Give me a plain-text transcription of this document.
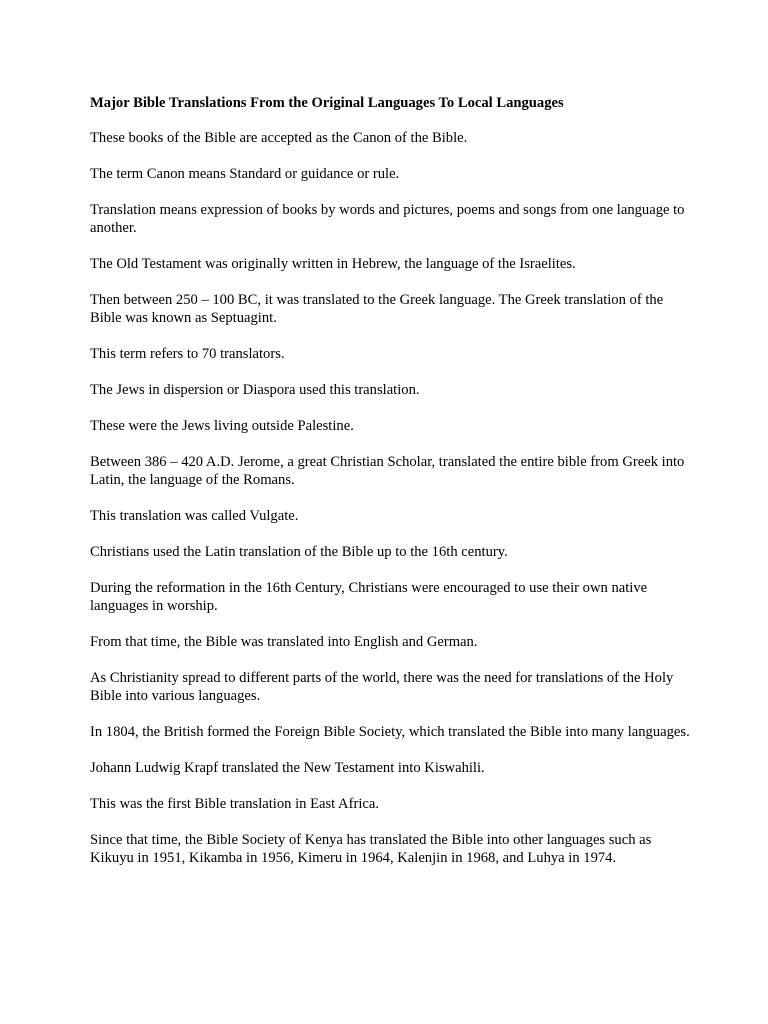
Major Bible Translations From the Original Languages To Local Languages

These books of the Bible are accepted as the Canon of the Bible.

The term Canon means Standard or guidance or rule.

Translation means expression of books by words and pictures, poems and songs from one language to another.

The Old Testament was originally written in Hebrew, the language of the Israelites.

Then between 250 – 100 BC, it was translated to the Greek language. The Greek translation of the Bible was known as Septuagint.

This term refers to 70 translators.

The Jews in dispersion or Diaspora used this translation.

These were the Jews living outside Palestine.

Between 386 – 420 A.D. Jerome, a great Christian Scholar, translated the entire bible from Greek into Latin, the language of the Romans.

This translation was called Vulgate.

Christians used the Latin translation of the Bible up to the 16th century.

During the reformation in the 16th Century, Christians were encouraged to use their own native languages in worship.

From that time, the Bible was translated into English and German.

As Christianity spread to different parts of the world, there was the need for translations of the Holy Bible into various languages.

In 1804, the British formed the Foreign Bible Society, which translated the Bible into many languages.

Johann Ludwig Krapf translated the New Testament into Kiswahili.

This was the first Bible translation in East Africa.

Since that time, the Bible Society of Kenya has translated the Bible into other languages such as Kikuyu in 1951, Kikamba in 1956, Kimeru in 1964, Kalenjin in 1968, and Luhya in 1974.
